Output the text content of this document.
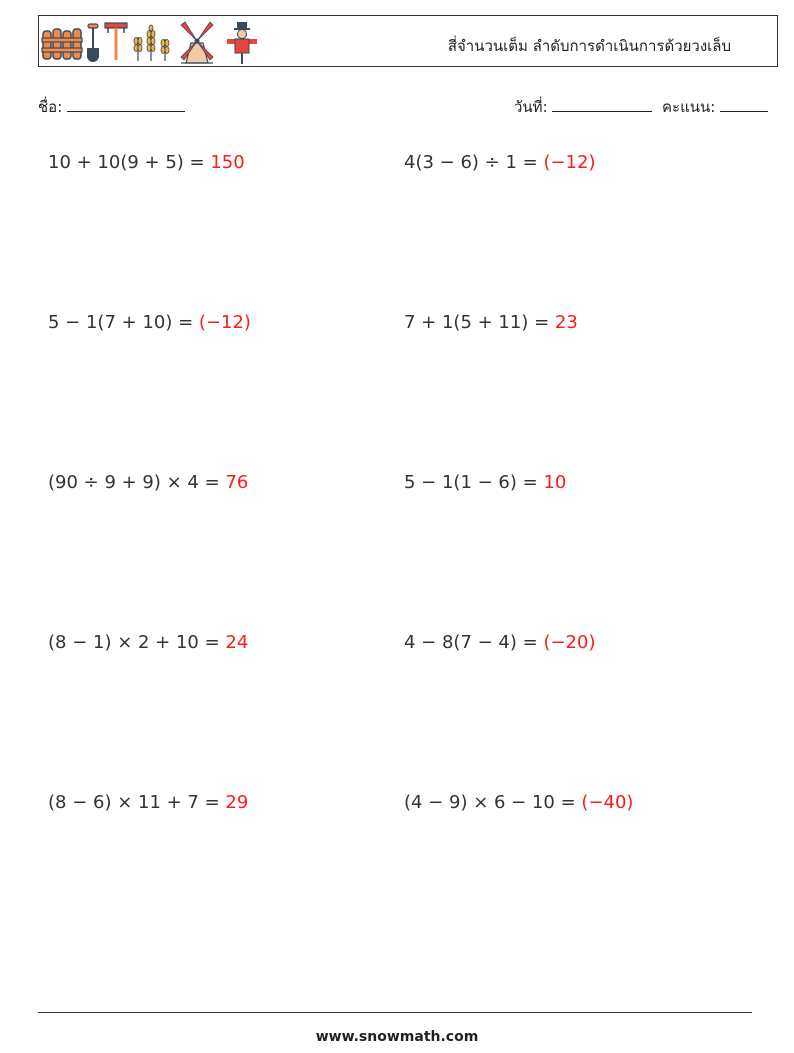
สี่จำนวนเต็ม ลำดับการดำเนินการด้วยวงเล็บ
ชื่อ:	วันที่:	คะแนน:
10 + 10(9 + 5) = 150	4(3 − 6) ÷ 1 = (−12)
5 − 1(7 + 10) = (−12)	7 + 1(5 + 11) = 23
(90 ÷ 9 + 9) × 4 = 76	5 − 1(1 − 6) = 10
(8 − 1) × 2 + 10 = 24	4 − 8(7 − 4) = (−20)
(8 − 6) × 11 + 7 = 29	(4 − 9) × 6 − 10 = (−40)
www.snowmath.com
